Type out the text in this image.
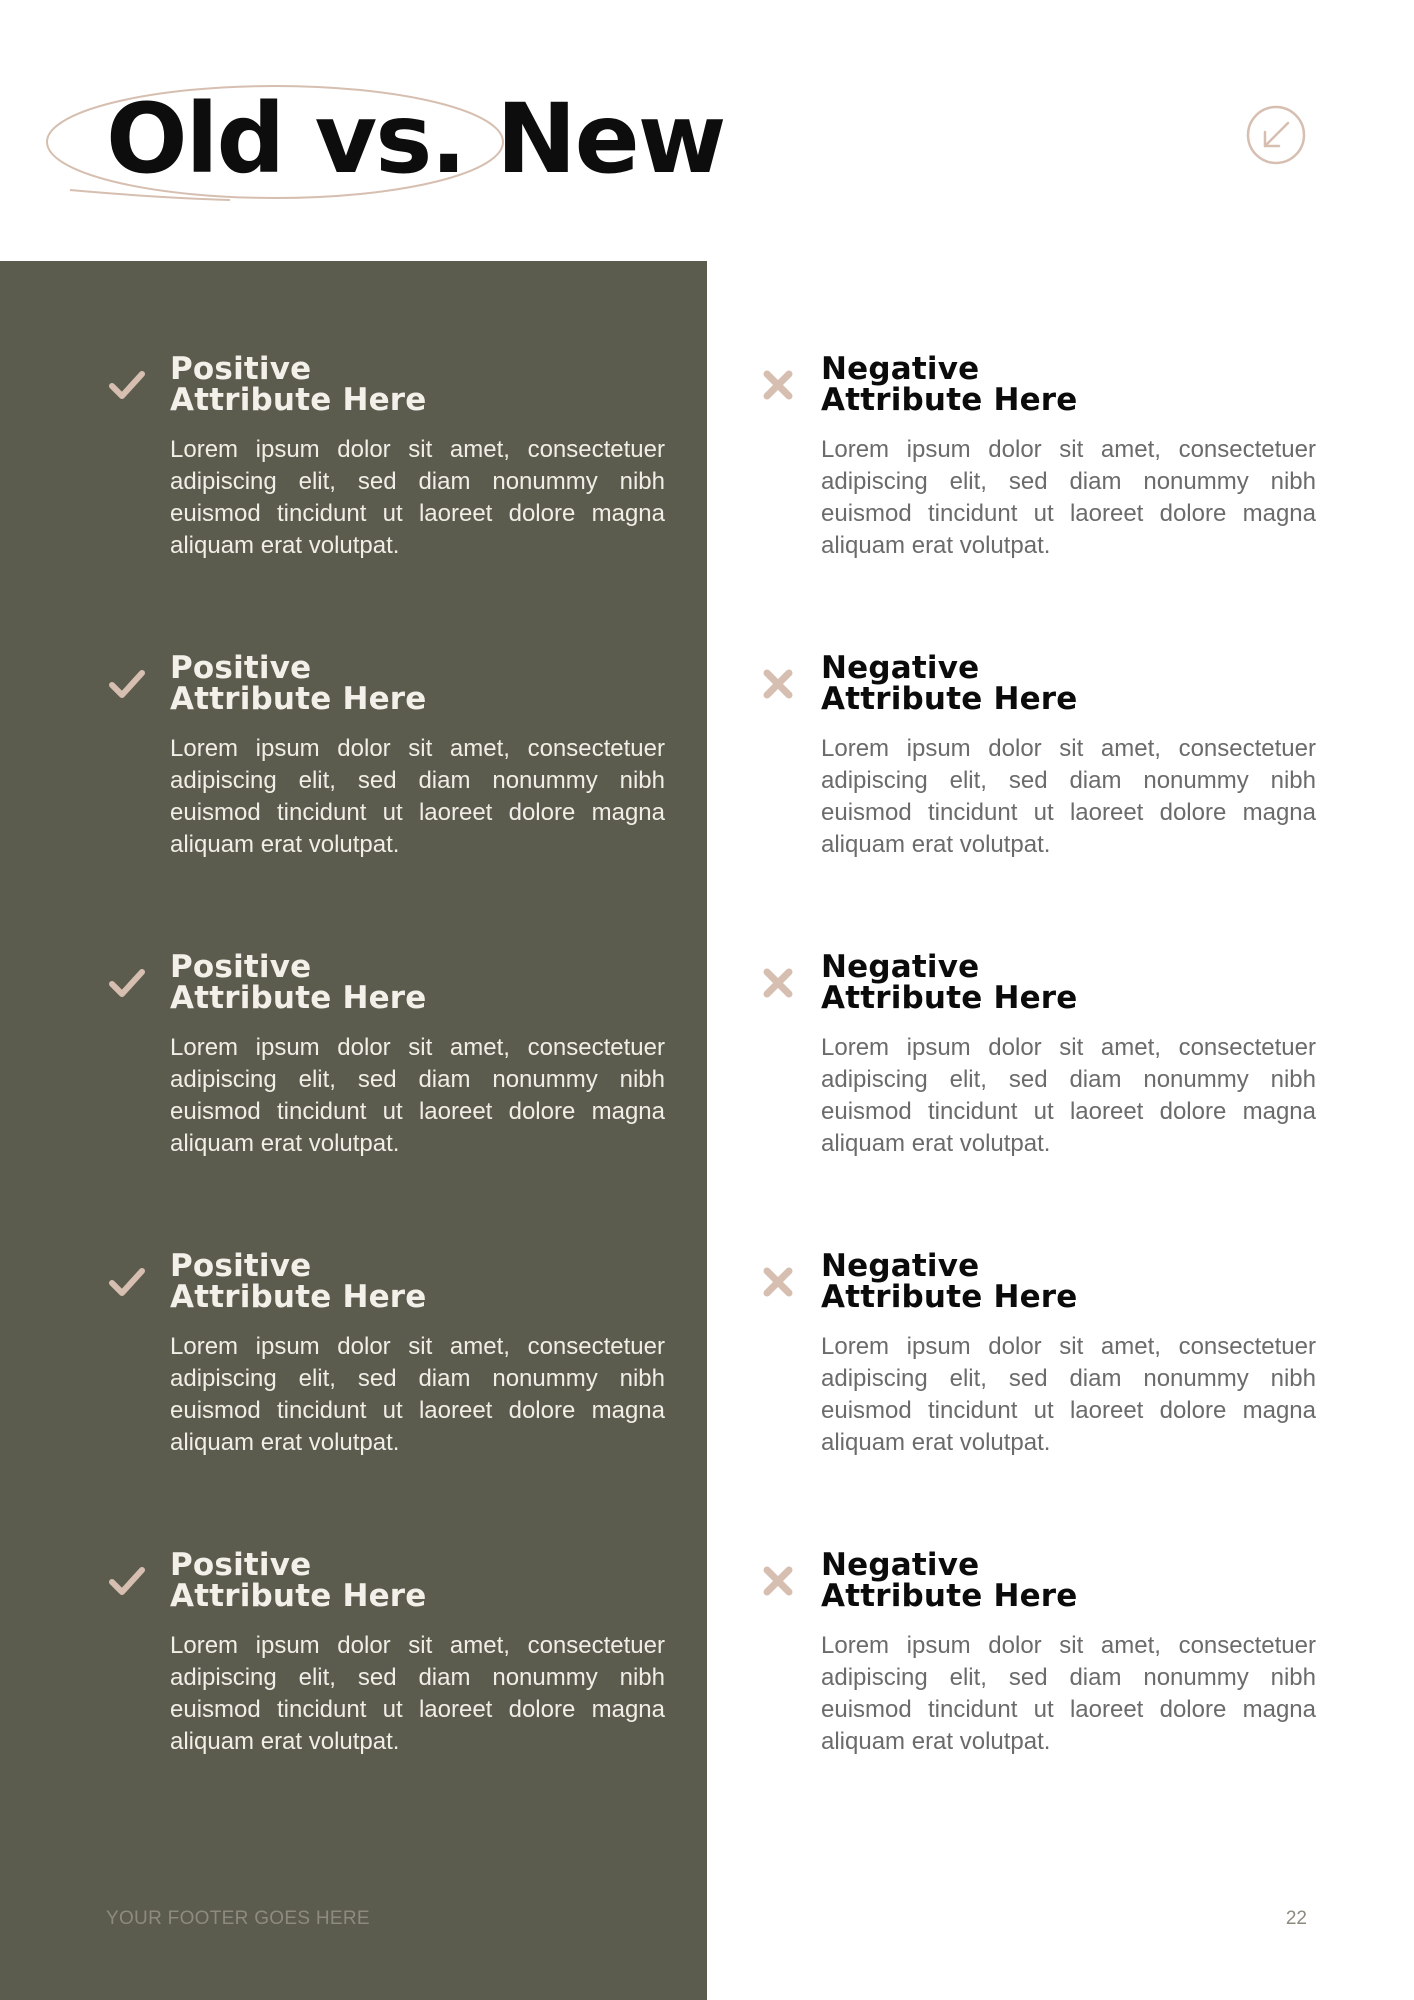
Old vs. New
Positive
Attribute Here

Lorem ipsum dolor sit amet, consectetuer adipiscing elit, sed diam nonummy nibh euismod tincidunt ut laoreet dolore magna aliquam erat volutpat.

Positive
Attribute Here

Lorem ipsum dolor sit amet, consectetuer adipiscing elit, sed diam nonummy nibh euismod tincidunt ut laoreet dolore magna aliquam erat volutpat.

Positive
Attribute Here

Lorem ipsum dolor sit amet, consectetuer adipiscing elit, sed diam nonummy nibh euismod tincidunt ut laoreet dolore magna aliquam erat volutpat.

Positive
Attribute Here

Lorem ipsum dolor sit amet, consectetuer adipiscing elit, sed diam nonummy nibh euismod tincidunt ut laoreet dolore magna aliquam erat volutpat.

Positive
Attribute Here

Lorem ipsum dolor sit amet, consectetuer adipiscing elit, sed diam nonummy nibh euismod tincidunt ut laoreet dolore magna aliquam erat volutpat.

Negative
Attribute Here

Lorem ipsum dolor sit amet, consectetuer adipiscing elit, sed diam nonummy nibh euismod tincidunt ut laoreet dolore magna aliquam erat volutpat.

Negative
Attribute Here

Lorem ipsum dolor sit amet, consectetuer adipiscing elit, sed diam nonummy nibh euismod tincidunt ut laoreet dolore magna aliquam erat volutpat.

Negative
Attribute Here

Lorem ipsum dolor sit amet, consectetuer adipiscing elit, sed diam nonummy nibh euismod tincidunt ut laoreet dolore magna aliquam erat volutpat.

Negative
Attribute Here

Lorem ipsum dolor sit amet, consectetuer adipiscing elit, sed diam nonummy nibh euismod tincidunt ut laoreet dolore magna aliquam erat volutpat.

Negative
Attribute Here

Lorem ipsum dolor sit amet, consectetuer adipiscing elit, sed diam nonummy nibh euismod tincidunt ut laoreet dolore magna aliquam erat volutpat.

YOUR FOOTER GOES HERE	22
